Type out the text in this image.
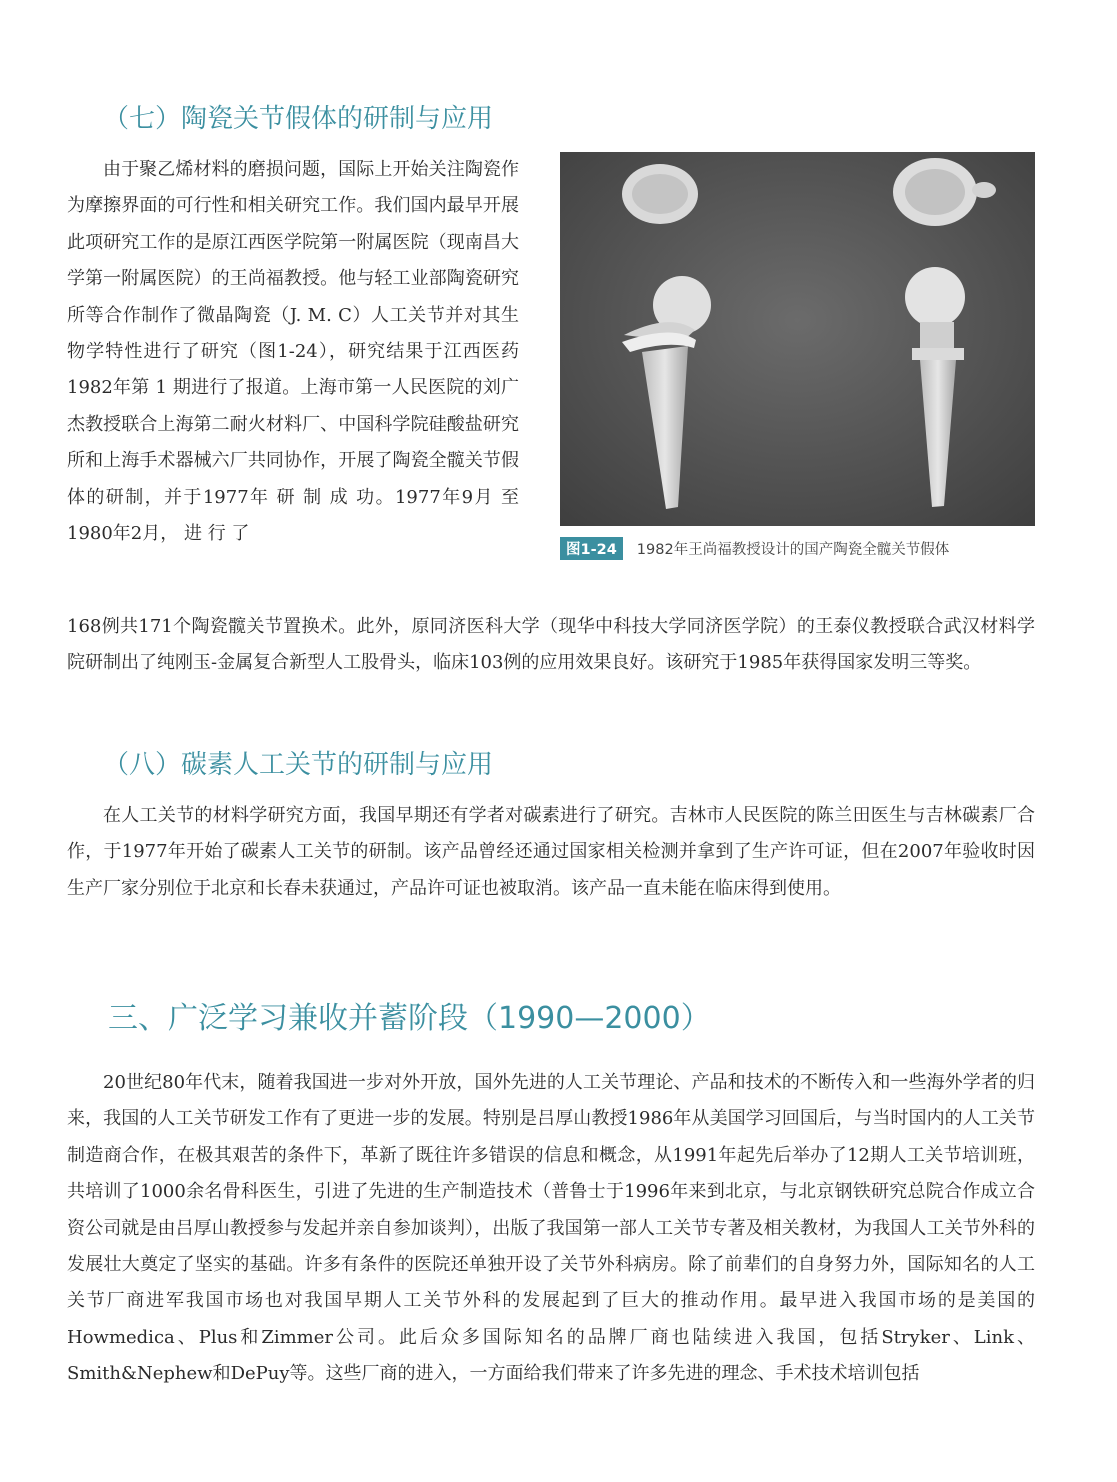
（七）陶瓷关节假体的研制与应用

由于聚乙烯材料的磨损问题，国际上开始关注陶瓷作为摩擦界面的可行性和相关研究工作。我们国内最早开展此项研究工作的是原江西医学院第一附属医院（现南昌大学第一附属医院）的王尚福教授。他与轻工业部陶瓷研究所等合作制作了微晶陶瓷（J. M. C）人工关节并对其生物学特性进行了研究（图1-24），研究结果于江西医药1982年第 1 期进行了报道。上海市第一人民医院的刘广杰教授联合上海第二耐火材料厂、中国科学院硅酸盐研究所和上海手术器械六厂共同协作，开展了陶瓷全髋关节假体的研制，并于1977年 研 制 成 功。1977年9月 至1980年2月， 进 行 了

图1-24 1982年王尚福教授设计的国产陶瓷全髋关节假体

168例共171个陶瓷髋关节置换术。此外，原同济医科大学（现华中科技大学同济医学院）的王泰仪教授联合武汉材料学院研制出了纯刚玉-金属复合新型人工股骨头，临床103例的应用效果良好。该研究于1985年获得国家发明三等奖。

（八）碳素人工关节的研制与应用

在人工关节的材料学研究方面，我国早期还有学者对碳素进行了研究。吉林市人民医院的陈兰田医生与吉林碳素厂合作，于1977年开始了碳素人工关节的研制。该产品曾经还通过国家相关检测并拿到了生产许可证，但在2007年验收时因生产厂家分别位于北京和长春未获通过，产品许可证也被取消。该产品一直未能在临床得到使用。

三、广泛学习兼收并蓄阶段（1990—2000）

20世纪80年代末，随着我国进一步对外开放，国外先进的人工关节理论、产品和技术的不断传入和一些海外学者的归来，我国的人工关节研发工作有了更进一步的发展。特别是吕厚山教授1986年从美国学习回国后，与当时国内的人工关节制造商合作，在极其艰苦的条件下，革新了既往许多错误的信息和概念，从1991年起先后举办了12期人工关节培训班，共培训了1000余名骨科医生，引进了先进的生产制造技术（普鲁士于1996年来到北京，与北京钢铁研究总院合作成立合资公司就是由吕厚山教授参与发起并亲自参加谈判），出版了我国第一部人工关节专著及相关教材，为我国人工关节外科的发展壮大奠定了坚实的基础。许多有条件的医院还单独开设了关节外科病房。除了前辈们的自身努力外，国际知名的人工关节厂商进军我国市场也对我国早期人工关节外科的发展起到了巨大的推动作用。最早进入我国市场的是美国的Howmedica、Plus和Zimmer公司。此后众多国际知名的品牌厂商也陆续进入我国，包括Stryker、Link、Smith&Nephew和DePuy等。这些厂商的进入，一方面给我们带来了许多先进的理念、手术技术培训包括
